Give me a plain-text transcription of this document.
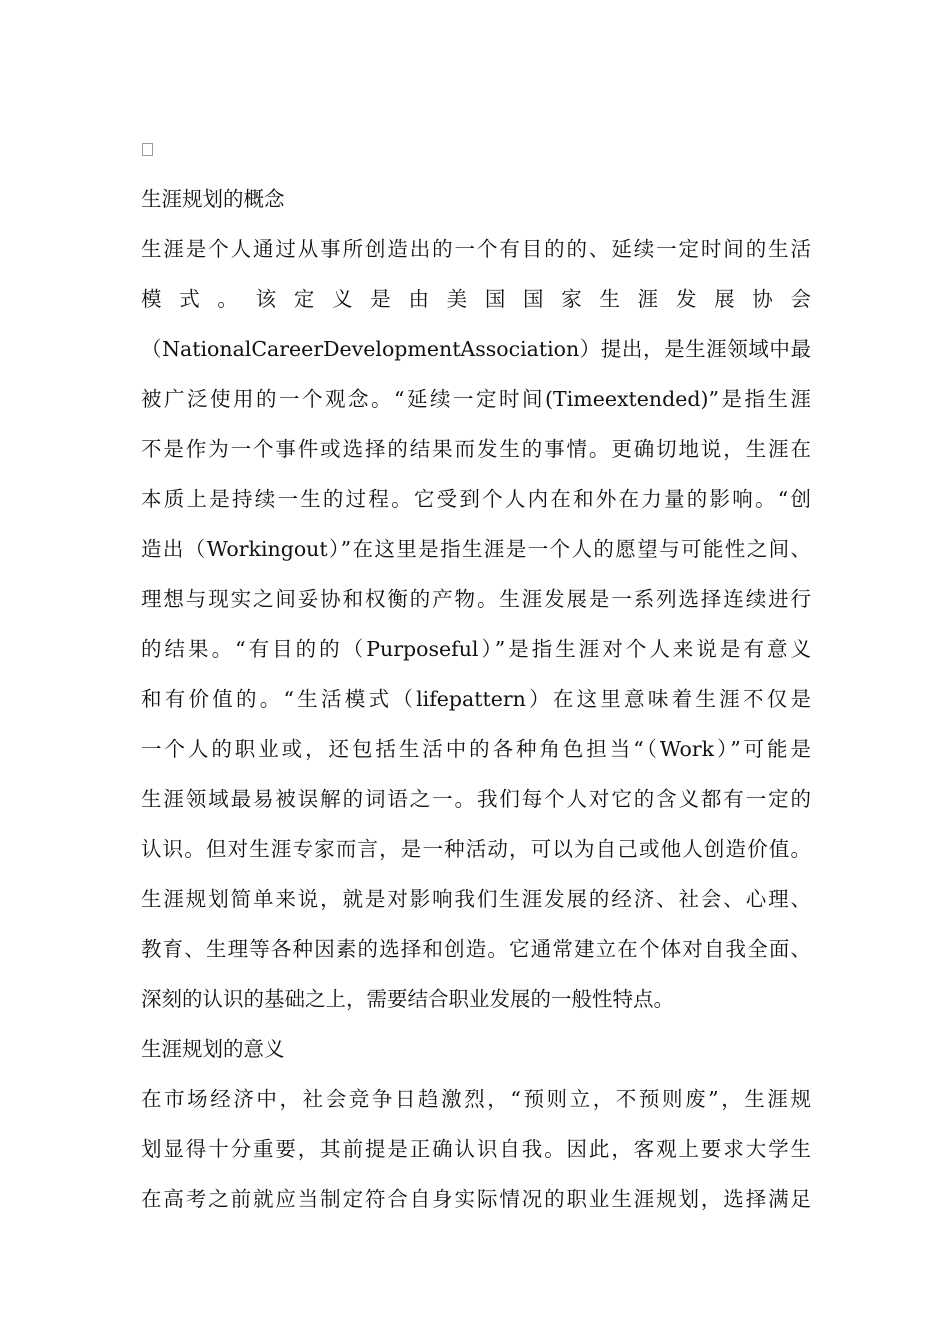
生涯规划的概念
生涯是个人通过从事所创造出的一个有目的的、延续一定时间的生活
模 式 。 该 定 义 是 由 美 国 国 家 生 涯 发 展 协 会
（NationalCareerDevelopmentAssociation）提出，是生涯领域中最
被广泛使用的一个观念。“延续一定时间(Timeextended)”是指生涯
不是作为一个事件或选择的结果而发生的事情。更确切地说，生涯在
本质上是持续一生的过程。它受到个人内在和外在力量的影响。“创
造出（Workingout）”在这里是指生涯是一个人的愿望与可能性之间、
理想与现实之间妥协和权衡的产物。生涯发展是一系列选择连续进行
的结果。“有目的的（Purposeful）”是指生涯对个人来说是有意义
和有价值的。“生活模式（lifepattern）在这里意味着生涯不仅是
一个人的职业或，还包括生活中的各种角色担当“（Work）”可能是
生涯领域最易被误解的词语之一。我们每个人对它的含义都有一定的
认识。但对生涯专家而言，是一种活动，可以为自己或他人创造价值。
生涯规划简单来说，就是对影响我们生涯发展的经济、社会、心理、
教育、生理等各种因素的选择和创造。它通常建立在个体对自我全面、
深刻的认识的基础之上，需要结合职业发展的一般性特点。
生涯规划的意义
在市场经济中，社会竞争日趋激烈，“预则立，不预则废”，生涯规
划显得十分重要，其前提是正确认识自我。因此，客观上要求大学生
在高考之前就应当制定符合自身实际情况的职业生涯规划，选择满足
